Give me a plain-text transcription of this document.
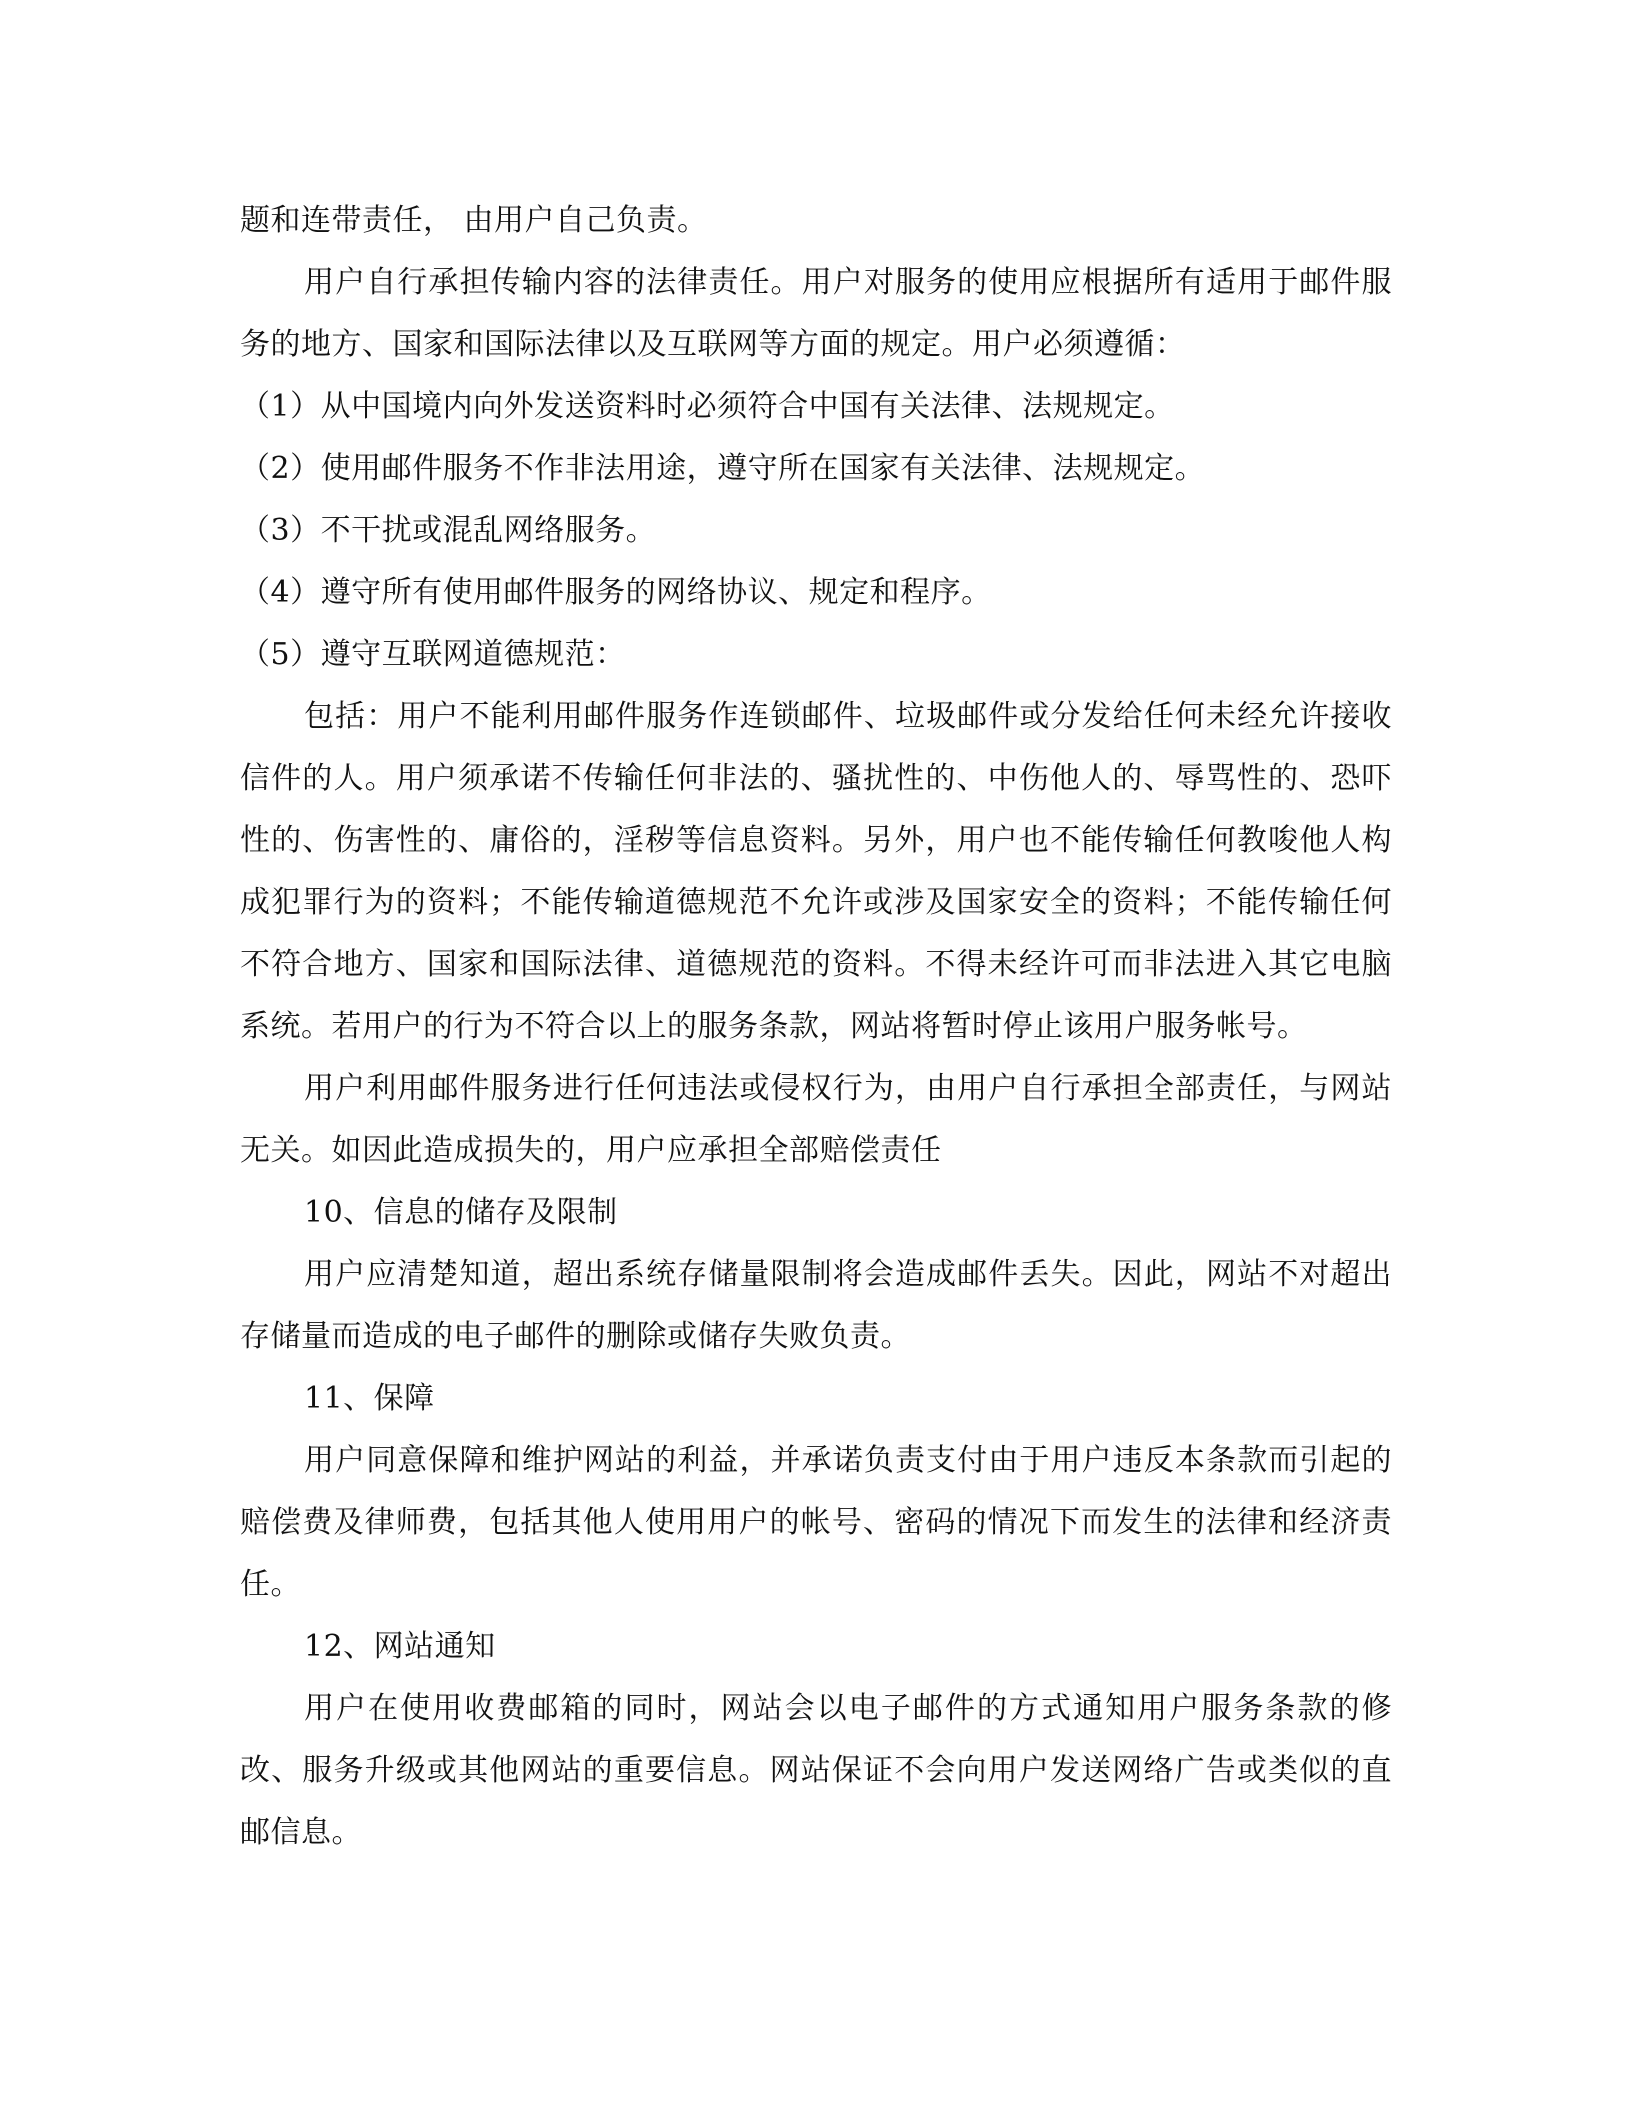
题和连带责任， 由用户自己负责。

用户自行承担传输内容的法律责任。用户对服务的使用应根据所有适用于邮件服务的地方、国家和国际法律以及互联网等方面的规定。用户必须遵循：

（1）从中国境内向外发送资料时必须符合中国有关法律、法规规定。

（2）使用邮件服务不作非法用途，遵守所在国家有关法律、法规规定。

（3）不干扰或混乱网络服务。

（4）遵守所有使用邮件服务的网络协议、规定和程序。

（5）遵守互联网道德规范：

包括：用户不能利用邮件服务作连锁邮件、垃圾邮件或分发给任何未经允许接收信件的人。用户须承诺不传输任何非法的、骚扰性的、中伤他人的、辱骂性的、恐吓性的、伤害性的、庸俗的，淫秽等信息资料。另外，用户也不能传输任何教唆他人构成犯罪行为的资料；不能传输道德规范不允许或涉及国家安全的资料；不能传输任何不符合地方、国家和国际法律、道德规范的资料。不得未经许可而非法进入其它电脑系统。若用户的行为不符合以上的服务条款，网站将暂时停止该用户服务帐号。

用户利用邮件服务进行任何违法或侵权行为，由用户自行承担全部责任，与网站无关。如因此造成损失的，用户应承担全部赔偿责任

10、信息的储存及限制

用户应清楚知道，超出系统存储量限制将会造成邮件丢失。因此，网站不对超出存储量而造成的电子邮件的删除或储存失败负责。

11、保障

用户同意保障和维护网站的利益，并承诺负责支付由于用户违反本条款而引起的赔偿费及律师费，包括其他人使用用户的帐号、密码的情况下而发生的法律和经济责任。

12、网站通知

用户在使用收费邮箱的同时，网站会以电子邮件的方式通知用户服务条款的修改、服务升级或其他网站的重要信息。网站保证不会向用户发送网络广告或类似的直邮信息。
